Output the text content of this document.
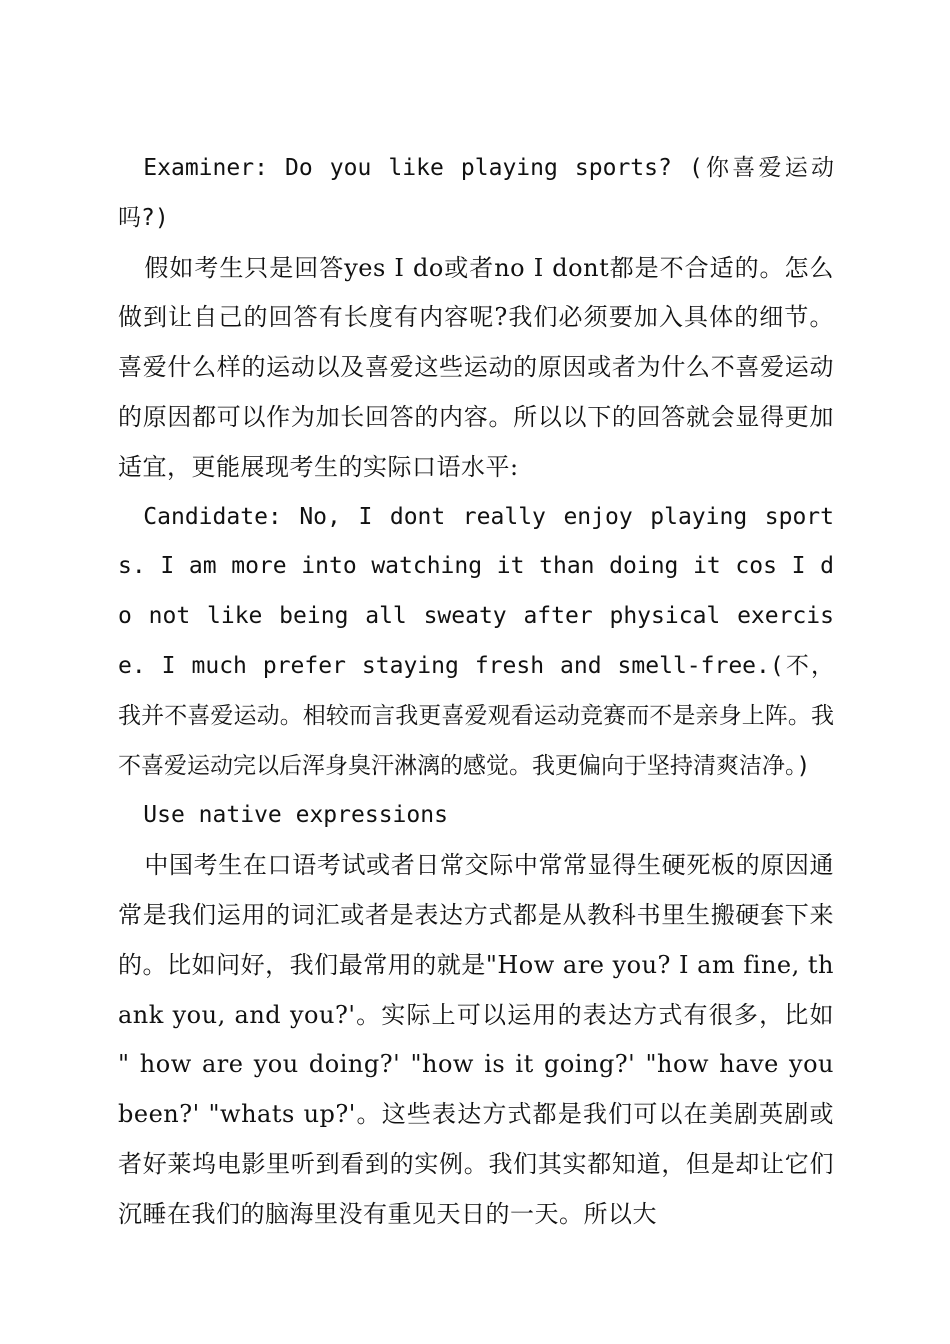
Examiner: Do you like playing sports? (你喜爱运动吗?)

假如考生只是回答yes I do或者no I dont都是不合适的。怎么做到让自己的回答有长度有内容呢?我们必须要加入具体的细节。喜爱什么样的运动以及喜爱这些运动的原因或者为什么不喜爱运动的原因都可以作为加长回答的内容。所以以下的回答就会显得更加适宜，更能展现考生的实际口语水平:

Candidate: No, I dont really enjoy playing sports. I am more into watching it than doing it cos I do not like being all sweaty after physical exercise. I much prefer staying fresh and smell-free.(不，我并不喜爱运动。相较而言我更喜爱观看运动竞赛而不是亲身上阵。我不喜爱运动完以后浑身臭汗淋漓的感觉。我更偏向于坚持清爽洁净。)

Use native expressions

中国考生在口语考试或者日常交际中常常显得生硬死板的原因通常是我们运用的词汇或者是表达方式都是从教科书里生搬硬套下来的。比如问好，我们最常用的就是"How are you? I am fine, thank you, and you?'。实际上可以运用的表达方式有很多，比如 " how are you doing?' "how is it going?' "how have you been?' "whats up?'。这些表达方式都是我们可以在美剧英剧或者好莱坞电影里听到看到的实例。我们其实都知道，但是却让它们沉睡在我们的脑海里没有重见天日的一天。所以大
